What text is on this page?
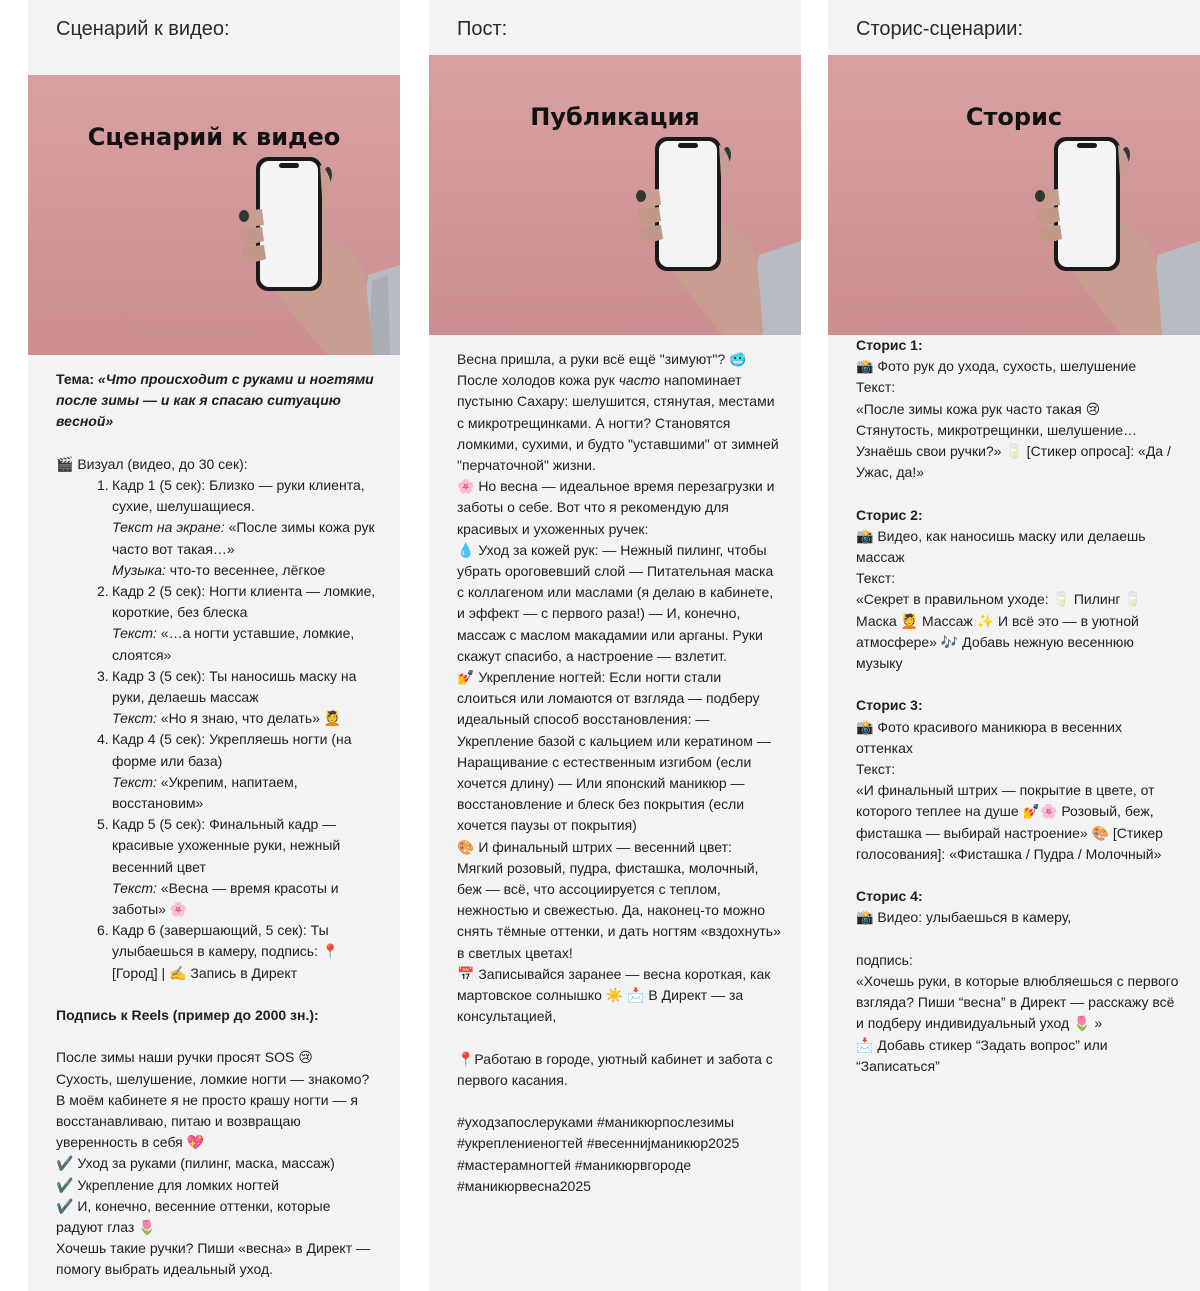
Сценарий к видео:
Сценарий к видео

Тема: «Что происходит с руками и ногтями после зимы — и как я спасаю ситуацию весной»

🎬 Визуал (видео, до 30 сек):

1. Кадр 1 (5 сек): Близко — руки клиента, сухие, шелушащиеся.

Текст на экране: «После зимы кожа рук часто вот такая…»

Музыка: что-то весеннее, лёгкое

2. Кадр 2 (5 сек): Ногти клиента — ломкие, короткие, без блеска

Текст: «…а ногти уставшие, ломкие, слоятся»

3. Кадр 3 (5 сек): Ты наносишь маску на руки, делаешь массаж

Текст: «Но я знаю, что делать» 💆

4. Кадр 4 (5 сек): Укрепляешь ногти (на форме или база)

Текст: «Укрепим, напитаем, восстановим»

5. Кадр 5 (5 сек): Финальный кадр — красивые ухоженные руки, нежный весенний цвет

Текст: «Весна — время красоты и заботы» 🌸

6. Кадр 6 (завершающий, 5 сек): Ты улыбаешься в камеру, подпись: 📍[Город] | ✍️ Запись в Директ

Подпись к Reels (пример до 2000 зн.):

После зимы наши ручки просят SOS 😢

Сухость, шелушение, ломкие ногти — знакомо? В моём кабинете я не просто крашу ногти — я восстанавливаю, питаю и возвращаю уверенность в себя 💖

✔️ Уход за руками (пилинг, маска, массаж)

✔️ Укрепление для ломких ногтей

✔️ И, конечно, весенние оттенки, которые радуют глаз 🌷

Хочешь такие ручки? Пиши «весна» в Директ — помогу выбрать идеальный уход.

Пост:
Публикация

Весна пришла, а руки всё ещё "зимуют"? 🥶 После холодов кожа рук часто напоминает пустыню Сахару: шелушится, стянутая, местами с микротрещинками. А ногти? Становятся ломкими, сухими, и будто "уставшими" от зимней "перчаточной" жизни.

🌸 Но весна — идеальное время перезагрузки и заботы о себе. Вот что я рекомендую для красивых и ухоженных ручек:

💧 Уход за кожей рук: — Нежный пилинг, чтобы убрать ороговевший слой — Питательная маска с коллагеном или маслами (я делаю в кабинете, и эффект — с первого раза!) — И, конечно, массаж с маслом макадамии или арганы. Руки скажут спасибо, а настроение — взлетит.

💅 Укрепление ногтей: Если ногти стали слоиться или ломаются от взгляда — подберу идеальный способ восстановления: — Укрепление базой с кальцием или кератином — Наращивание с естественным изгибом (если хочется длину) — Или японский маникюр — восстановление и блеск без покрытия (если хочется паузы от покрытия)

🎨 И финальный штрих — весенний цвет: Мягкий розовый, пудра, фисташка, молочный, беж — всё, что ассоциируется с теплом, нежностью и свежестью. Да, наконец-то можно снять тёмные оттенки, и дать ногтям «вздохнуть» в светлых цветах!

📅 Записывайся заранее — весна короткая, как мартовское солнышко ☀️ 📩 В Директ — за консультацией,

📍Работаю в городе, уютный кабинет и забота с первого касания.

#уходзапослеруками #маникюрпослезимы #укреплениеногтей #весенниjманикюр2025 #мастерамногтей #маникюрвгороде #маникюрвесна2025

Сторис-сценарии:
Сторис

Сторис 1:

📸 Фото рук до ухода, сухость, шелушение

Текст:

«После зимы кожа рук часто такая 😢 Стянутость, микротрещинки, шелушение… Узнаёшь свои ручки?» 🥛 [Стикер опроса]: «Да / Ужас, да!»

Сторис 2:

📸 Видео, как наносишь маску или делаешь массаж

Текст:

«Секрет в правильном уходе: 🥛 Пилинг 🥛 Маска 💆 Массаж ✨ И всё это — в уютной атмосфере» 🎶 Добавь нежную весеннюю музыку

Сторис 3:

📸 Фото красивого маникюра в весенних оттенках

Текст:

«И финальный штрих — покрытие в цвете, от которого теплее на душе 💅🌸 Розовый, беж, фисташка — выбирай настроение» 🎨 [Стикер голосования]: «Фисташка / Пудра / Молочный»

Сторис 4:

📸 Видео: улыбаешься в камеру,

подпись:

«Хочешь руки, в которые влюбляешься с первого взгляда? Пиши “весна” в Директ — расскажу всё и подберу индивидуальный уход 🌷 »

📩 Добавь стикер “Задать вопрос” или “Записаться”
